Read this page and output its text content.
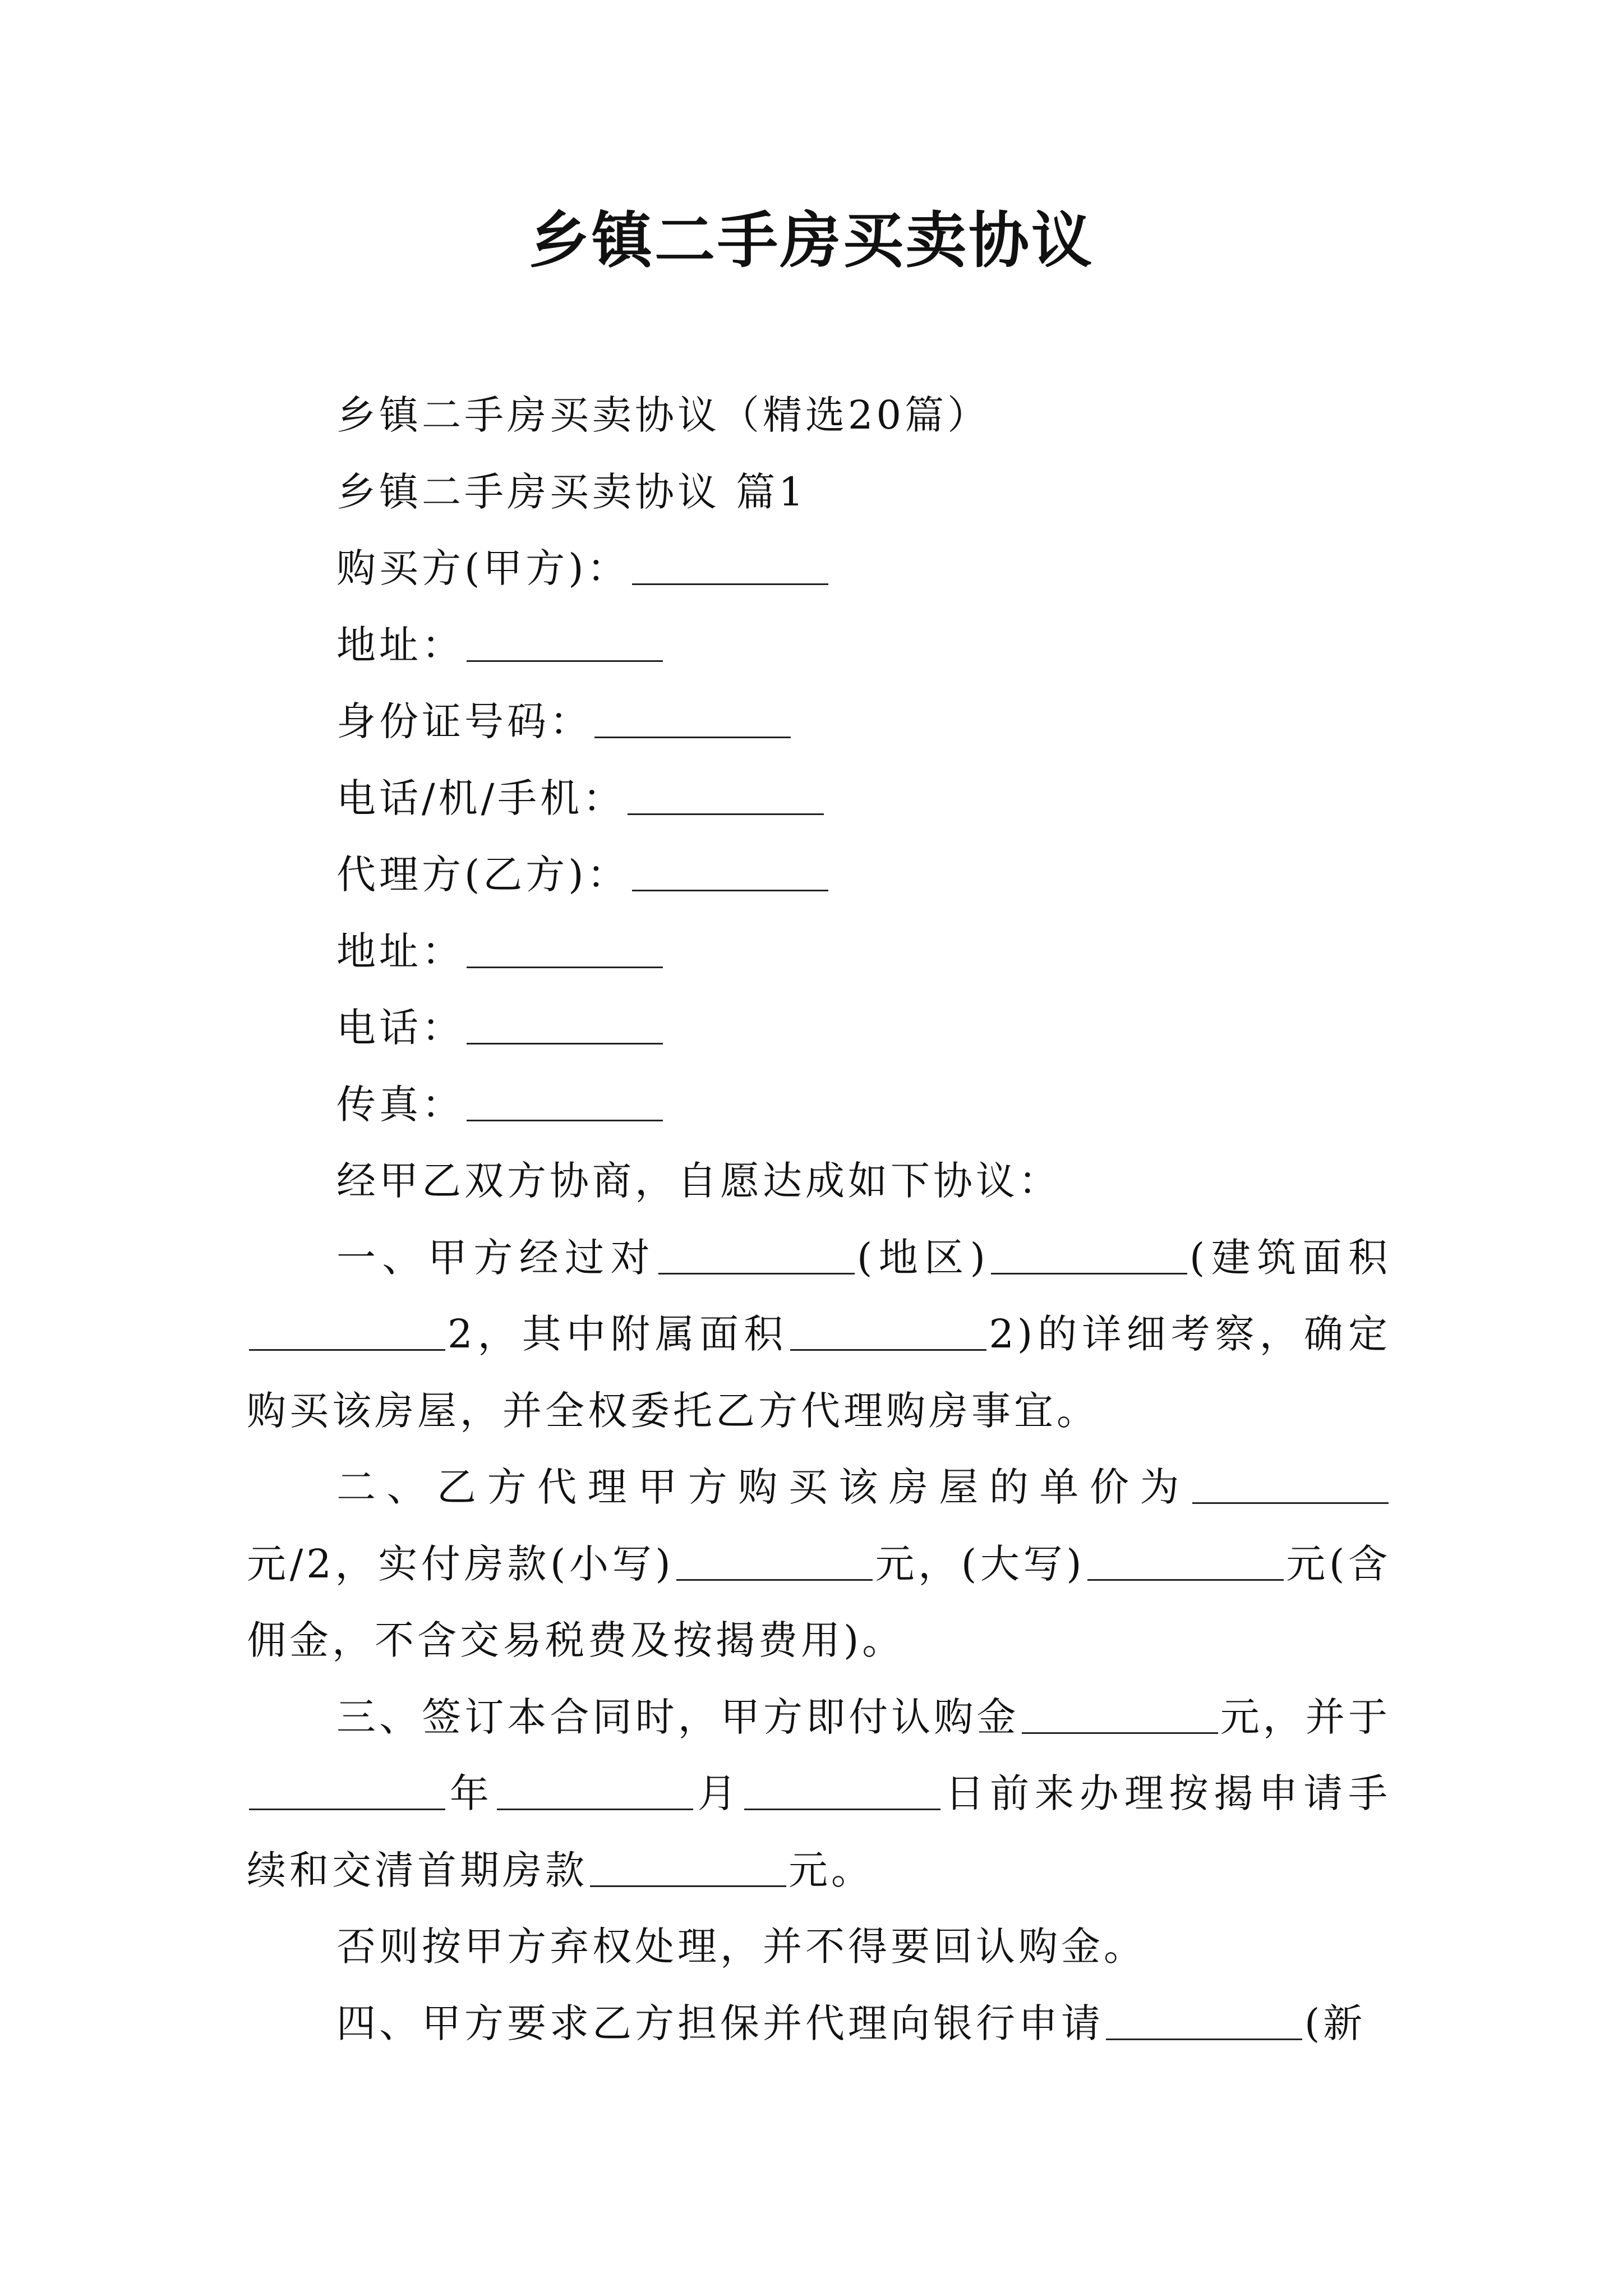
乡镇二手房买卖协议

乡镇二手房买卖协议（精选20篇）

乡镇二手房买卖协议 篇1

购买方(甲方)：

地址：

身份证号码：

电话/机/手机：

代理方(乙方)：

地址：

电话：

传真：

经甲乙双方协商，自愿达成如下协议：

一、甲方经过对	(地区)	(建筑面积2，其中附属面积	2)的详细考察，确定购买该房屋，并全权委托乙方代理购房事宜。

二、乙方代理甲方购买该房屋的单价为元/2，实付房款(小写)	元，(大写)	元(含佣金，不含交易税费及按揭费用)。

三、签订本合同时，甲方即付认购金	元，并于年	月	日前来办理按揭申请手续和交清首期房款	元。

否则按甲方弃权处理，并不得要回认购金。

四、甲方要求乙方担保并代理向银行申请	(新
